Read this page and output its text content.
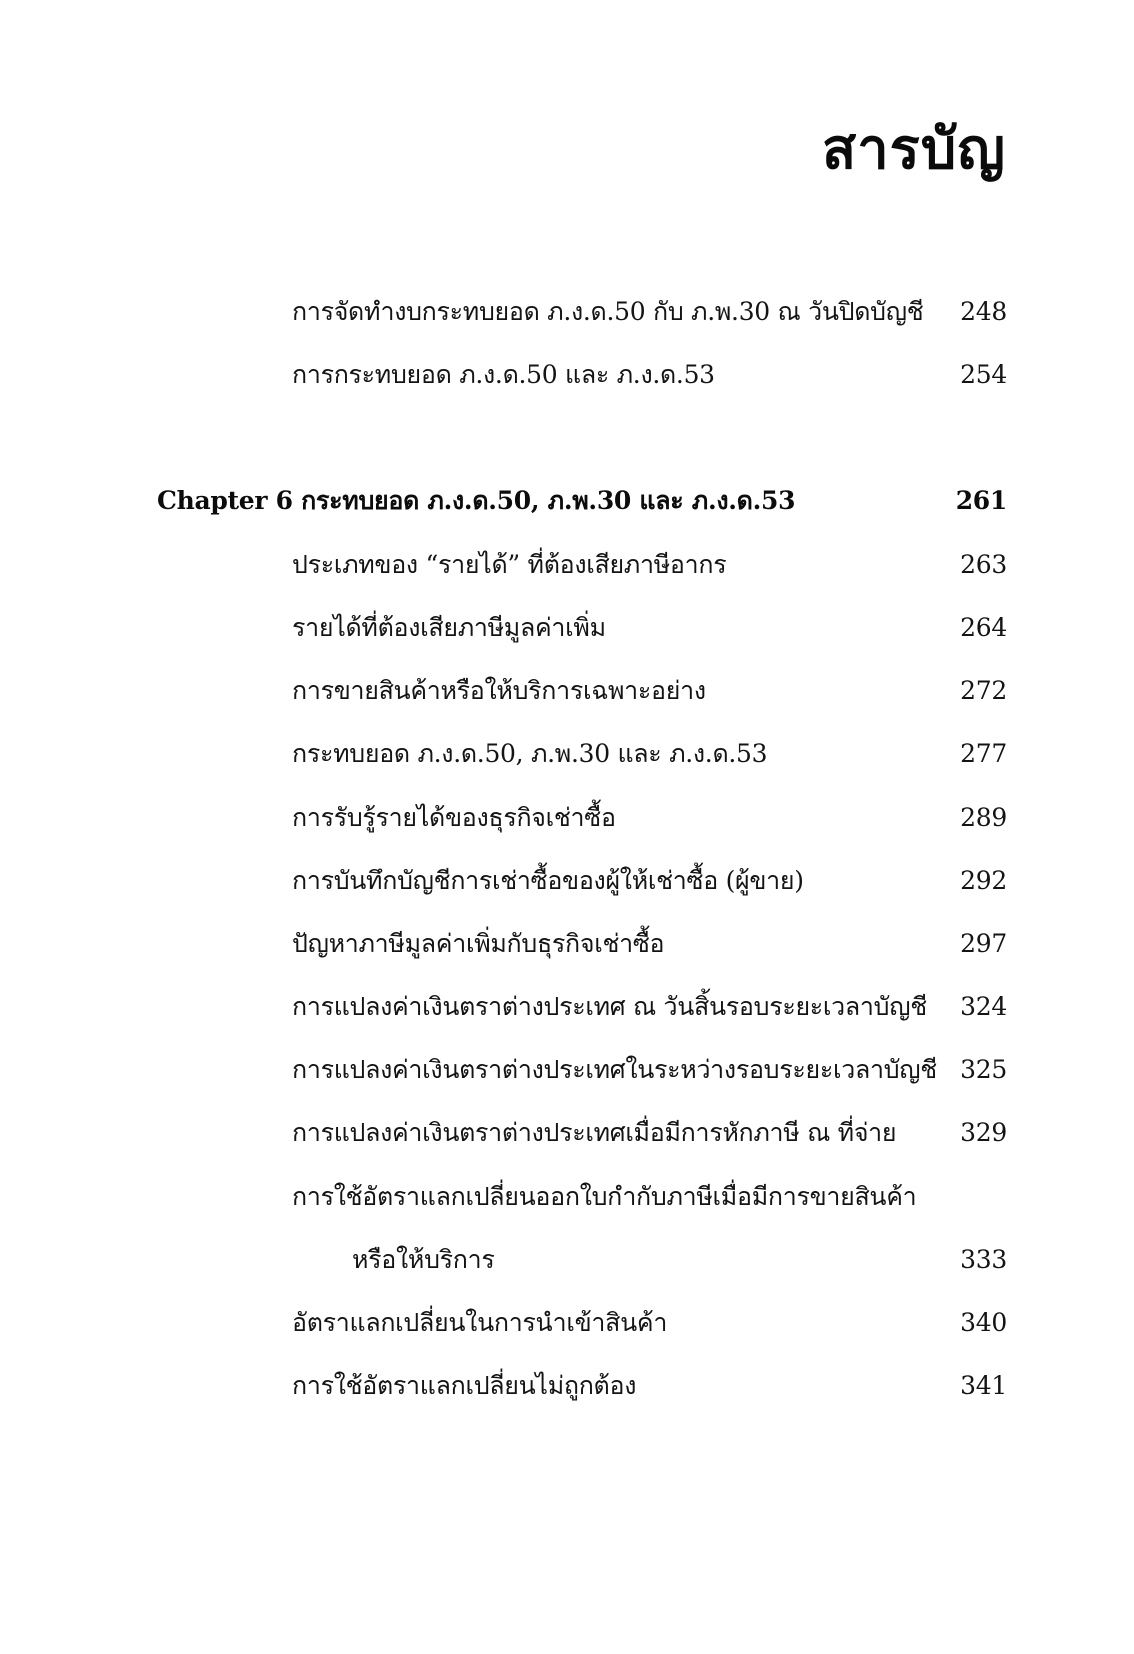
สารบัญ
การจัดทำงบกระทบยอด ภ.ง.ด.50 กับ ภ.พ.30 ณ วันปิดบัญชี 248
การกระทบยอด ภ.ง.ด.50 และ ภ.ง.ด.53	254
Chapter 6 กระทบยอด ภ.ง.ด.50, ภ.พ.30 และ ภ.ง.ด.53	261
ประเภทของ “รายได้” ที่ต้องเสียภาษีอากร	263
รายได้ที่ต้องเสียภาษีมูลค่าเพิ่ม	264
การขายสินค้าหรือให้บริการเฉพาะอย่าง	272
กระทบยอด ภ.ง.ด.50, ภ.พ.30 และ ภ.ง.ด.53	277
การรับรู้รายได้ของธุรกิจเช่าซื้อ	289
การบันทึกบัญชีการเช่าซื้อของผู้ให้เช่าซื้อ (ผู้ขาย)	292
ปัญหาภาษีมูลค่าเพิ่มกับธุรกิจเช่าซื้อ	297
การแปลงค่าเงินตราต่างประเทศ ณ วันสิ้นรอบระยะเวลาบัญชี 324
การแปลงค่าเงินตราต่างประเทศในระหว่างรอบระยะเวลาบัญชี 325
การแปลงค่าเงินตราต่างประเทศเมื่อมีการหักภาษี ณ ที่จ่าย	329
การใช้อัตราแลกเปลี่ยนออกใบกำกับภาษีเมื่อมีการขายสินค้า
หรือให้บริการ	333
อัตราแลกเปลี่ยนในการนำเข้าสินค้า	340
การใช้อัตราแลกเปลี่ยนไม่ถูกต้อง	341
